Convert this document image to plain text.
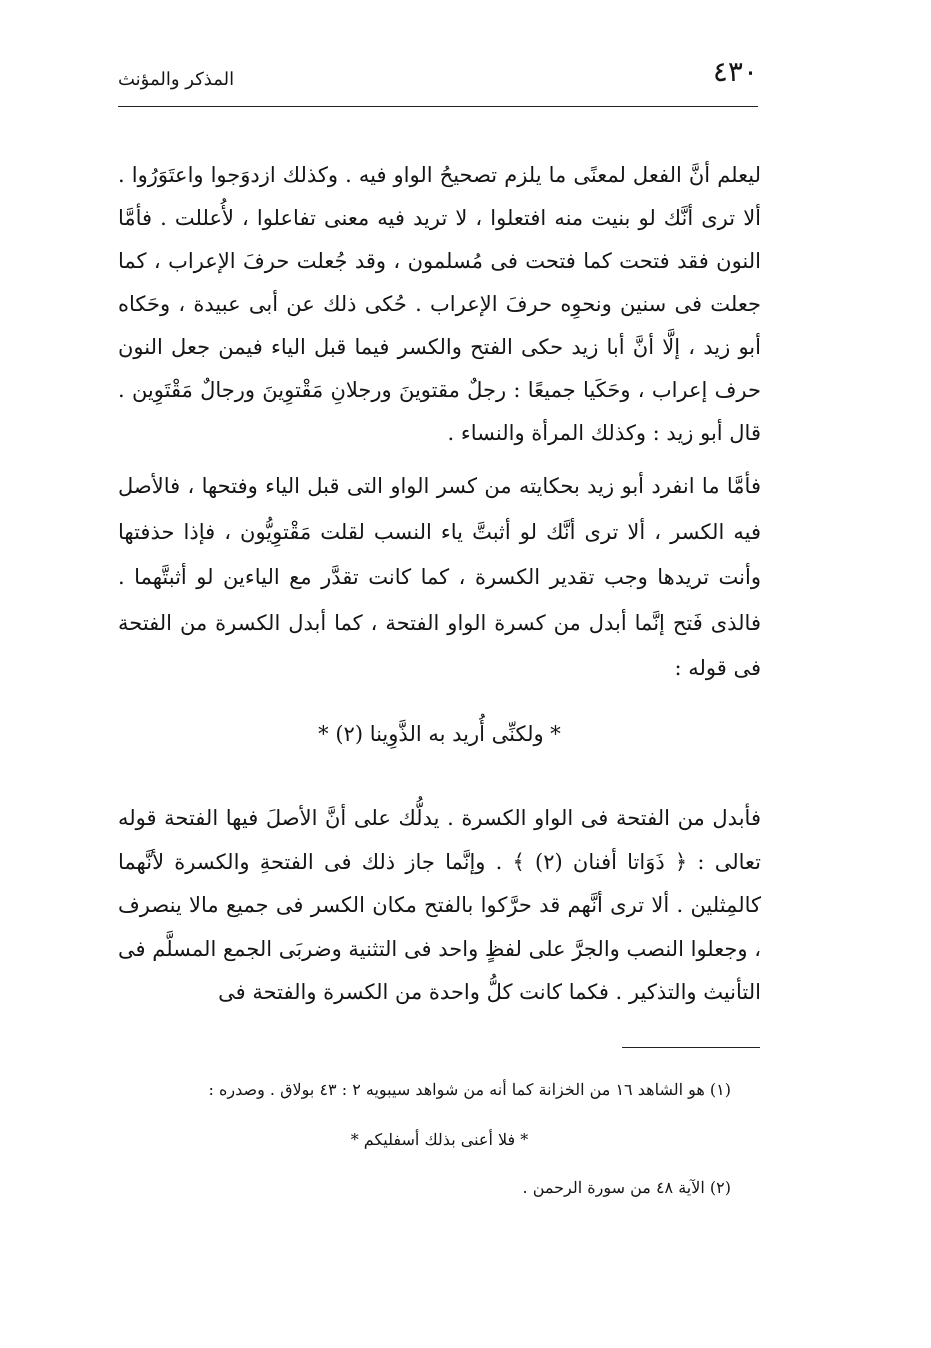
٤٣٠
المذكر والمؤنث
ليعلم أنَّ الفعل لمعنًى ما يلزم تصحيحُ الواو فيه . وكذلك ازدوَجوا واعتَوَرُوا . ألا ترى أنَّك لو بنيت منه افتعلوا ، لا تريد فيه معنى تفاعلوا ، لأُعللت . فأمَّا النون فقد فتحت كما فتحت فى مُسلمون ، وقد جُعلت حرفَ الإعراب ، كما جعلت فى سنين ونحوِه حرفَ الإعراب . حُكى ذلك عن أبى عبيدة ، وحَكاه أبو زيد ، إلَّا أنَّ أبا زيد حكى الفتح والكسر فيما قبل الياء فيمن جعل النون حرف إعراب ، وحَكَيا جميعًا : رجلٌ مقتوينَ ورجلانِ مَقْتوِينَ ورجالٌ مَقْتَوِين . قال أبو زيد : وكذلك المرأة والنساء .
فأمَّا ما انفرد أبو زيد بحكايته من كسر الواو التى قبل الياء وفتحها ، فالأصل فيه الكسر ، ألا ترى أنَّك لو أثبتَّ ياء النسب لقلت مَقْتوِيُّون ، فإذا حذفتها وأنت تريدها وجب تقدير الكسرة ، كما كانت تقدَّر مع الياءين لو أثبتَّهما . فالذى فَتح إنَّما أبدل من كسرة الواو الفتحة ، كما أبدل الكسرة من الفتحة فى قوله :
* ولكنِّى أُريد به الذَّوِينا (٢) *
فأبدل من الفتحة فى الواو الكسرة . يدلُّك على أنَّ الأصلَ فيها الفتحة قوله تعالى : ﴿ ذَوَاتا أفنان (٢) ﴾ . وإنَّما جاز ذلك فى الفتحةِ والكسرة لأنَّهما كالمِثلين . ألا ترى أنَّهم قد حرَّكوا بالفتح مكان الكسر فى جميع مالا ينصرف ، وجعلوا النصب والجرَّ على لفظٍ واحد فى التثنية وضربَى الجمع المسلَّم فى التأنيث والتذكير . فكما كانت كلُّ واحدة من الكسرة والفتحة فى
(١) هو الشاهد ١٦ من الخزانة كما أنه من شواهد سيبويه ٢ : ٤٣ بولاق . وصدره :
* فلا أعنى بذلك أسفليكم *
(٢) الآية ٤٨ من سورة الرحمن .
